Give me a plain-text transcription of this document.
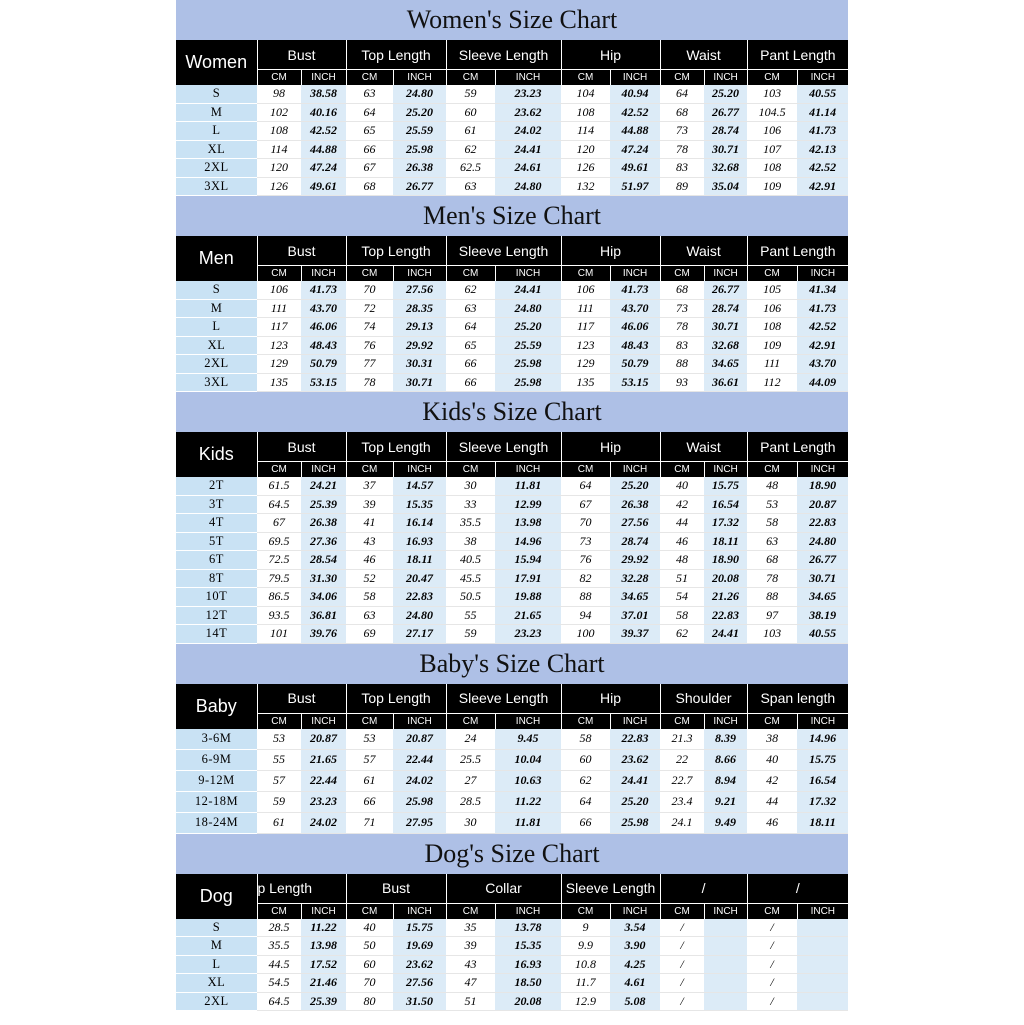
Women's Size Chart
Women	Bust		Top Length		Sleeve Length		Hip		Waist		Pant Length	
	CM	INCH	CM	INCH	CM	INCH	CM	INCH	CM	INCH	CM	INCH
S	98	38.58	63	24.80	59	23.23	104	40.94	64	25.20	103	40.55
M	102	40.16	64	25.20	60	23.62	108	42.52	68	26.77	104.5	41.14
L	108	42.52	65	25.59	61	24.02	114	44.88	73	28.74	106	41.73
XL	114	44.88	66	25.98	62	24.41	120	47.24	78	30.71	107	42.13
2XL	120	47.24	67	26.38	62.5	24.61	126	49.61	83	32.68	108	42.52
3XL	126	49.61	68	26.77	63	24.80	132	51.97	89	35.04	109	42.91
Men's Size Chart
Men	Bust		Top Length		Sleeve Length		Hip		Waist		Pant Length	
	CM	INCH	CM	INCH	CM	INCH	CM	INCH	CM	INCH	CM	INCH
S	106	41.73	70	27.56	62	24.41	106	41.73	68	26.77	105	41.34
M	111	43.70	72	28.35	63	24.80	111	43.70	73	28.74	106	41.73
L	117	46.06	74	29.13	64	25.20	117	46.06	78	30.71	108	42.52
XL	123	48.43	76	29.92	65	25.59	123	48.43	83	32.68	109	42.91
2XL	129	50.79	77	30.31	66	25.98	129	50.79	88	34.65	111	43.70
3XL	135	53.15	78	30.71	66	25.98	135	53.15	93	36.61	112	44.09
Kids's Size Chart
Kids	Bust		Top Length		Sleeve Length		Hip		Waist		Pant Length	
	CM	INCH	CM	INCH	CM	INCH	CM	INCH	CM	INCH	CM	INCH
2T	61.5	24.21	37	14.57	30	11.81	64	25.20	40	15.75	48	18.90
3T	64.5	25.39	39	15.35	33	12.99	67	26.38	42	16.54	53	20.87
4T	67	26.38	41	16.14	35.5	13.98	70	27.56	44	17.32	58	22.83
5T	69.5	27.36	43	16.93	38	14.96	73	28.74	46	18.11	63	24.80
6T	72.5	28.54	46	18.11	40.5	15.94	76	29.92	48	18.90	68	26.77
8T	79.5	31.30	52	20.47	45.5	17.91	82	32.28	51	20.08	78	30.71
10T	86.5	34.06	58	22.83	50.5	19.88	88	34.65	54	21.26	88	34.65
12T	93.5	36.81	63	24.80	55	21.65	94	37.01	58	22.83	97	38.19
14T	101	39.76	69	27.17	59	23.23	100	39.37	62	24.41	103	40.55
Baby's Size Chart
Baby	Bust		Top Length		Sleeve Length		Hip		Shoulder		Span length	
	CM	INCH	CM	INCH	CM	INCH	CM	INCH	CM	INCH	CM	INCH
3-6M	53	20.87	53	20.87	24	9.45	58	22.83	21.3	8.39	38	14.96
6-9M	55	21.65	57	22.44	25.5	10.04	60	23.62	22	8.66	40	15.75
9-12M	57	22.44	61	24.02	27	10.63	62	24.41	22.7	8.94	42	16.54
12-18M	59	23.23	66	25.98	28.5	11.22	64	25.20	23.4	9.21	44	17.32
18-24M	61	24.02	71	27.95	30	11.81	66	25.98	24.1	9.49	46	18.11
Dog's Size Chart
Dog	p Length		Bust		Collar		Sleeve Length		/		/	
	CM	INCH	CM	INCH	CM	INCH	CM	INCH	CM	INCH	CM	INCH
S	28.5	11.22	40	15.75	35	13.78	9	3.54	/		/	
M	35.5	13.98	50	19.69	39	15.35	9.9	3.90	/		/	
L	44.5	17.52	60	23.62	43	16.93	10.8	4.25	/		/	
XL	54.5	21.46	70	27.56	47	18.50	11.7	4.61	/		/	
2XL	64.5	25.39	80	31.50	51	20.08	12.9	5.08	/		/	
